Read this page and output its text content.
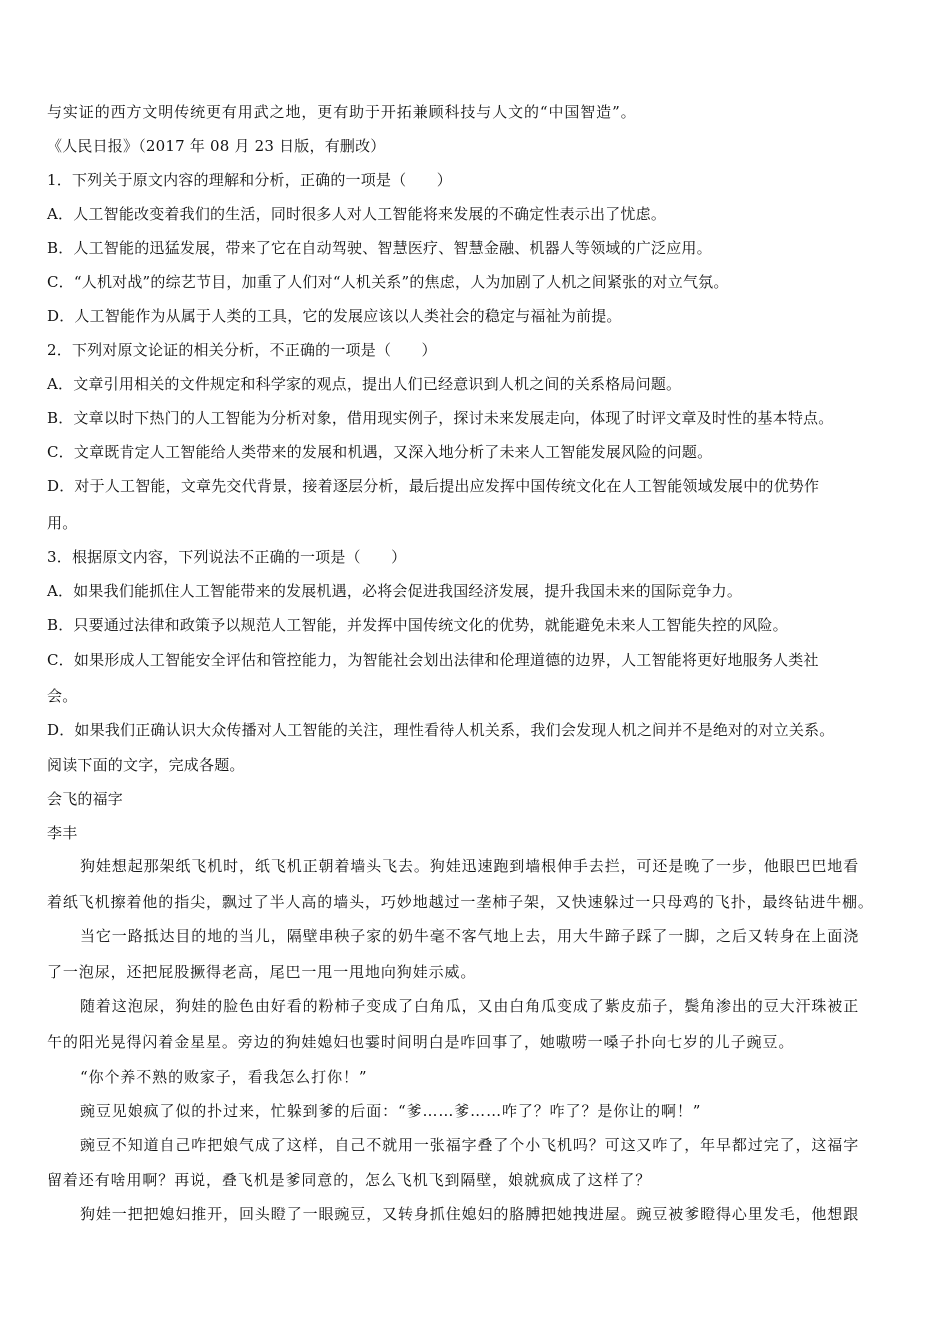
与实证的西方文明传统更有用武之地，更有助于开拓兼顾科技与人文的“中国智造”。
《人民日报》（2017 年 08 月 23 日版，有删改）
1．下列关于原文内容的理解和分析，正确的一项是（　　）
A．人工智能改变着我们的生活，同时很多人对人工智能将来发展的不确定性表示出了忧虑。
B．人工智能的迅猛发展，带来了它在自动驾驶、智慧医疗、智慧金融、机器人等领域的广泛应用。
C．“人机对战”的综艺节目，加重了人们对“人机关系”的焦虑，人为加剧了人机之间紧张的对立气氛。
D．人工智能作为从属于人类的工具，它的发展应该以人类社会的稳定与福祉为前提。
2．下列对原文论证的相关分析，不正确的一项是（　　）
A．文章引用相关的文件规定和科学家的观点，提出人们已经意识到人机之间的关系格局问题。
B．文章以时下热门的人工智能为分析对象，借用现实例子，探讨未来发展走向，体现了时评文章及时性的基本特点。
C．文章既肯定人工智能给人类带来的发展和机遇，又深入地分析了未来人工智能发展风险的问题。
D．对于人工智能，文章先交代背景，接着逐层分析，最后提出应发挥中国传统文化在人工智能领域发展中的优势作
用。
3．根据原文内容，下列说法不正确的一项是（　　）
A．如果我们能抓住人工智能带来的发展机遇，必将会促进我国经济发展，提升我国未来的国际竞争力。
B．只要通过法律和政策予以规范人工智能，并发挥中国传统文化的优势，就能避免未来人工智能失控的风险。
C．如果形成人工智能安全评估和管控能力，为智能社会划出法律和伦理道德的边界，人工智能将更好地服务人类社
会。
D．如果我们正确认识大众传播对人工智能的关注，理性看待人机关系，我们会发现人机之间并不是绝对的对立关系。
阅读下面的文字，完成各题。
会飞的福字
李丰
狗娃想起那架纸飞机时，纸飞机正朝着墙头飞去。狗娃迅速跑到墙根伸手去拦，可还是晚了一步，他眼巴巴地看
着纸飞机擦着他的指尖，飘过了半人高的墙头，巧妙地越过一垄柿子架，又快速躲过一只母鸡的飞扑，最终钻进牛棚。
当它一路抵达目的地的当儿，隔壁串秧子家的奶牛毫不客气地上去，用大牛蹄子踩了一脚，之后又转身在上面浇
了一泡尿，还把屁股撅得老高，尾巴一甩一甩地向狗娃示威。
随着这泡尿，狗娃的脸色由好看的粉柿子变成了白角瓜，又由白角瓜变成了紫皮茄子，鬓角渗出的豆大汗珠被正
午的阳光晃得闪着金星星。旁边的狗娃媳妇也霎时间明白是咋回事了，她嗷唠一嗓子扑向七岁的儿子豌豆。
“你个养不熟的败家子，看我怎么打你！”
豌豆见娘疯了似的扑过来，忙躲到爹的后面：“爹……爹……咋了？咋了？是你让的啊！”
豌豆不知道自己咋把娘气成了这样，自己不就用一张福字叠了个小飞机吗？可这又咋了，年早都过完了，这福字
留着还有啥用啊？再说，叠飞机是爹同意的，怎么飞机飞到隔壁，娘就疯成了这样了？
狗娃一把把媳妇推开，回头瞪了一眼豌豆，又转身抓住媳妇的胳膊把她拽进屋。豌豆被爹瞪得心里发毛，他想跟
